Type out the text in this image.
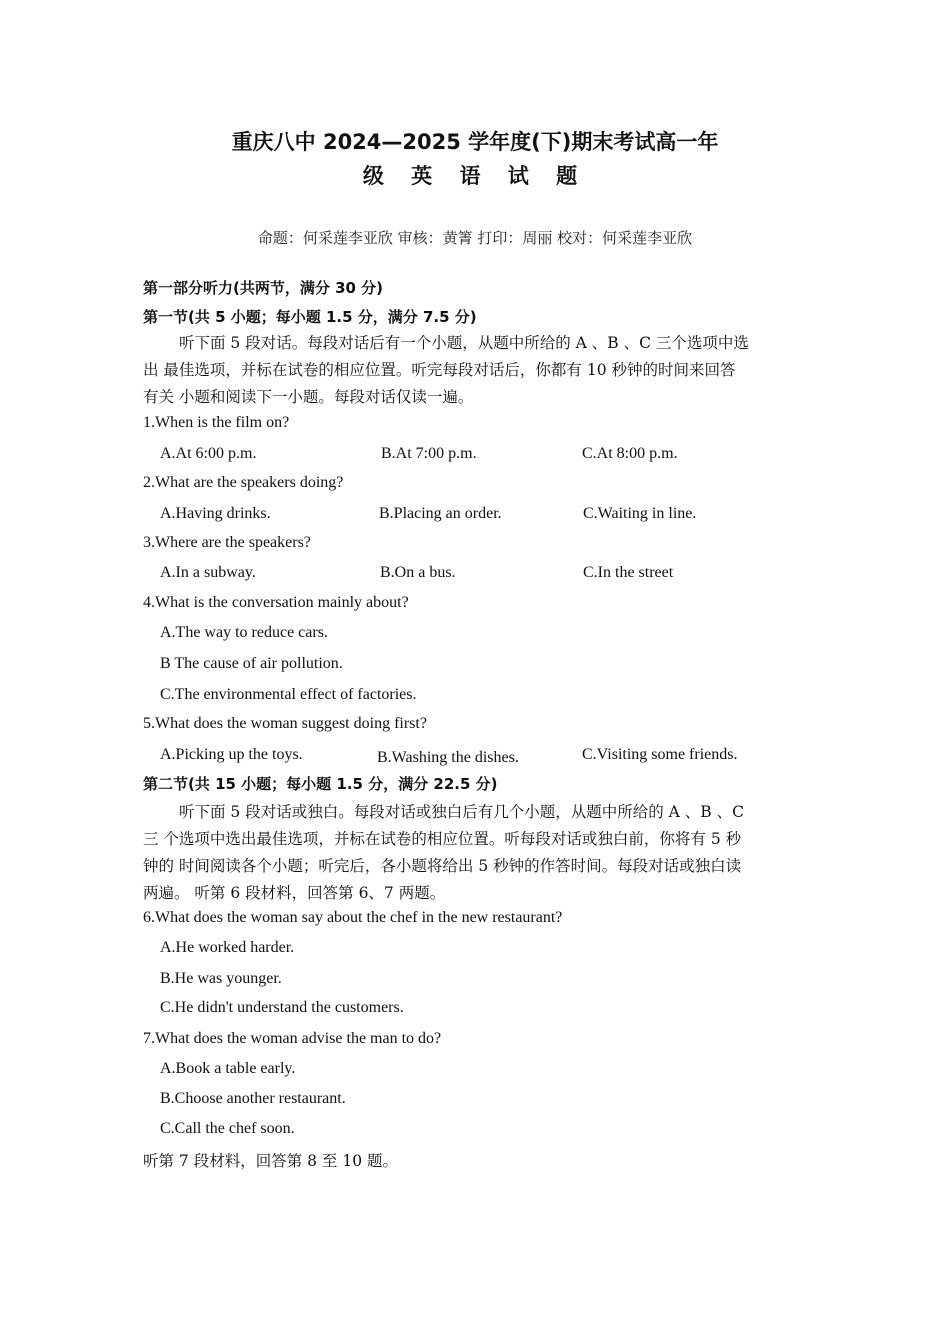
重庆八中 2024—2025 学年度(下)期末考试高一年
级 英 语 试 题
命题：何采莲李亚欣 审核：黄箐 打印：周丽 校对：何采莲李亚欣
第一部分听力(共两节，满分 30 分)
第一节(共 5 小题；每小题 1.5 分，满分 7.5 分)
听下面 5 段对话。每段对话后有一个小题，从题中所给的 A 、B 、C 三个选项中选
出 最佳选项，并标在试卷的相应位置。听完每段对话后，你都有 10 秒钟的时间来回答
有关 小题和阅读下一小题。每段对话仅读一遍。
1.When is the film on?
A.At 6:00 p.m.	B.At 7:00 p.m.	C.At 8:00 p.m.
2.What are the speakers doing?
A.Having drinks.	B.Placing an order.	C.Waiting in line.
3.Where are the speakers?
A.In a subway.	B.On a bus.	C.In the street
4.What is the conversation mainly about?
A.The way to reduce cars.
B The cause of air pollution.
C.The environmental effect of factories.
5.What does the woman suggest doing first?
A.Picking up the toys.	B.Washing the dishes.	C.Visiting some friends.
第二节(共 15 小题；每小题 1.5 分，满分 22.5 分)
听下面 5 段对话或独白。每段对话或独白后有几个小题，从题中所给的 A 、B 、C
三 个选项中选出最佳选项，并标在试卷的相应位置。听每段对话或独白前，你将有 5 秒
钟的 时间阅读各个小题；听完后，各小题将给出 5 秒钟的作答时间。每段对话或独白读
两遍。 听第 6 段材料，回答第 6、7 两题。
6.What does the woman say about the chef in the new restaurant?
A.He worked harder.
B.He was younger.
C.He didn't understand the customers.
7.What does the woman advise the man to do?
A.Book a table early.
B.Choose another restaurant.
C.Call the chef soon.
听第 7 段材料，回答第 8 至 10 题。
